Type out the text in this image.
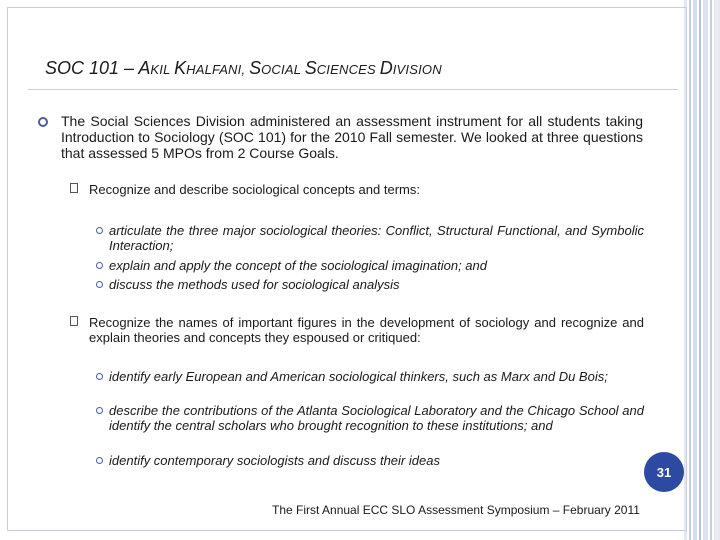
SOC 101 – AKIL KHALFANI, SOCIAL SCIENCES DIVISION
The Social Sciences Division administered an assessment instrument for all students taking Introduction to Sociology (SOC 101) for the 2010 Fall semester. We looked at three questions that assessed 5 MPOs from 2 Course Goals.
Recognize and describe sociological concepts and terms:
articulate the three major sociological theories: Conflict, Structural Functional, and Symbolic Interaction;
explain and apply the concept of the sociological imagination; and
discuss the methods used for sociological analysis
Recognize the names of important figures in the development of sociology and recognize and explain theories and concepts they espoused or critiqued:
identify early European and American sociological thinkers, such as Marx and Du Bois;
describe the contributions of the Atlanta Sociological Laboratory and the Chicago School and identify the central scholars who brought recognition to these institutions; and
identify contemporary sociologists and discuss their ideas
31
The First Annual ECC SLO Assessment Symposium – February 2011
